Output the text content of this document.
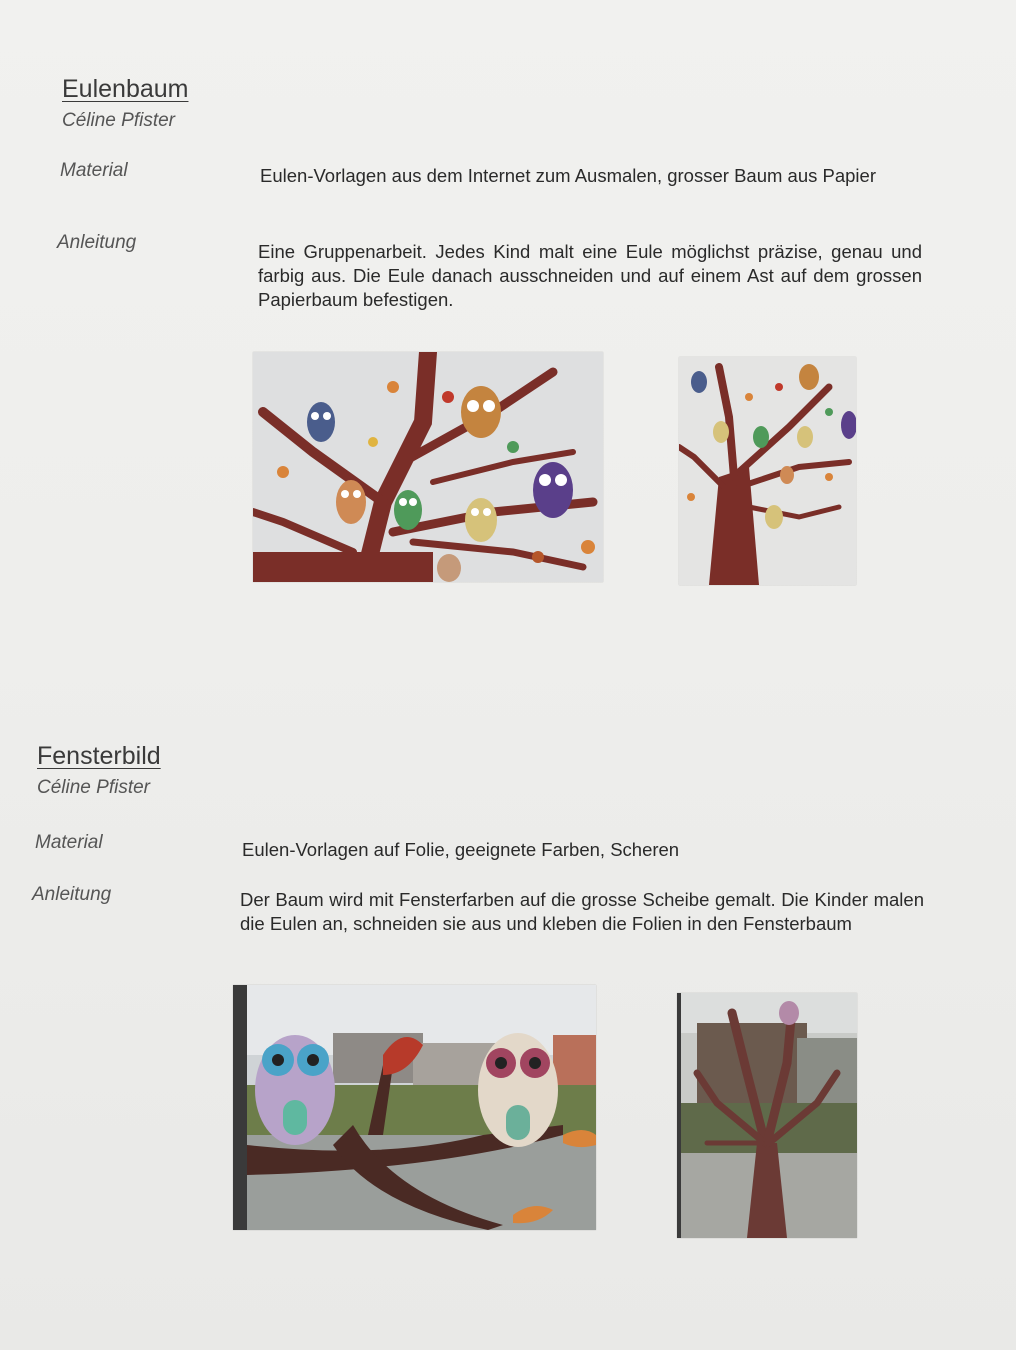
Eulenbaum
Céline Pfister
Material	Eulen-Vorlagen aus dem Internet zum Ausmalen, grosser Baum aus Papier
Anleitung	Eine Gruppenarbeit. Jedes Kind malt eine Eule möglichst präzise, genau und farbig aus. Die Eule danach ausschneiden und auf einem Ast auf dem grossen Papierbaum befestigen.
Fensterbild
Céline Pfister
Material	Eulen-Vorlagen auf Folie, geeignete Farben, Scheren
Anleitung	Der Baum wird mit Fensterfarben auf die grosse Scheibe gemalt. Die Kinder malen die Eulen an, schneiden sie aus und kleben die Folien in den Fensterbaum
